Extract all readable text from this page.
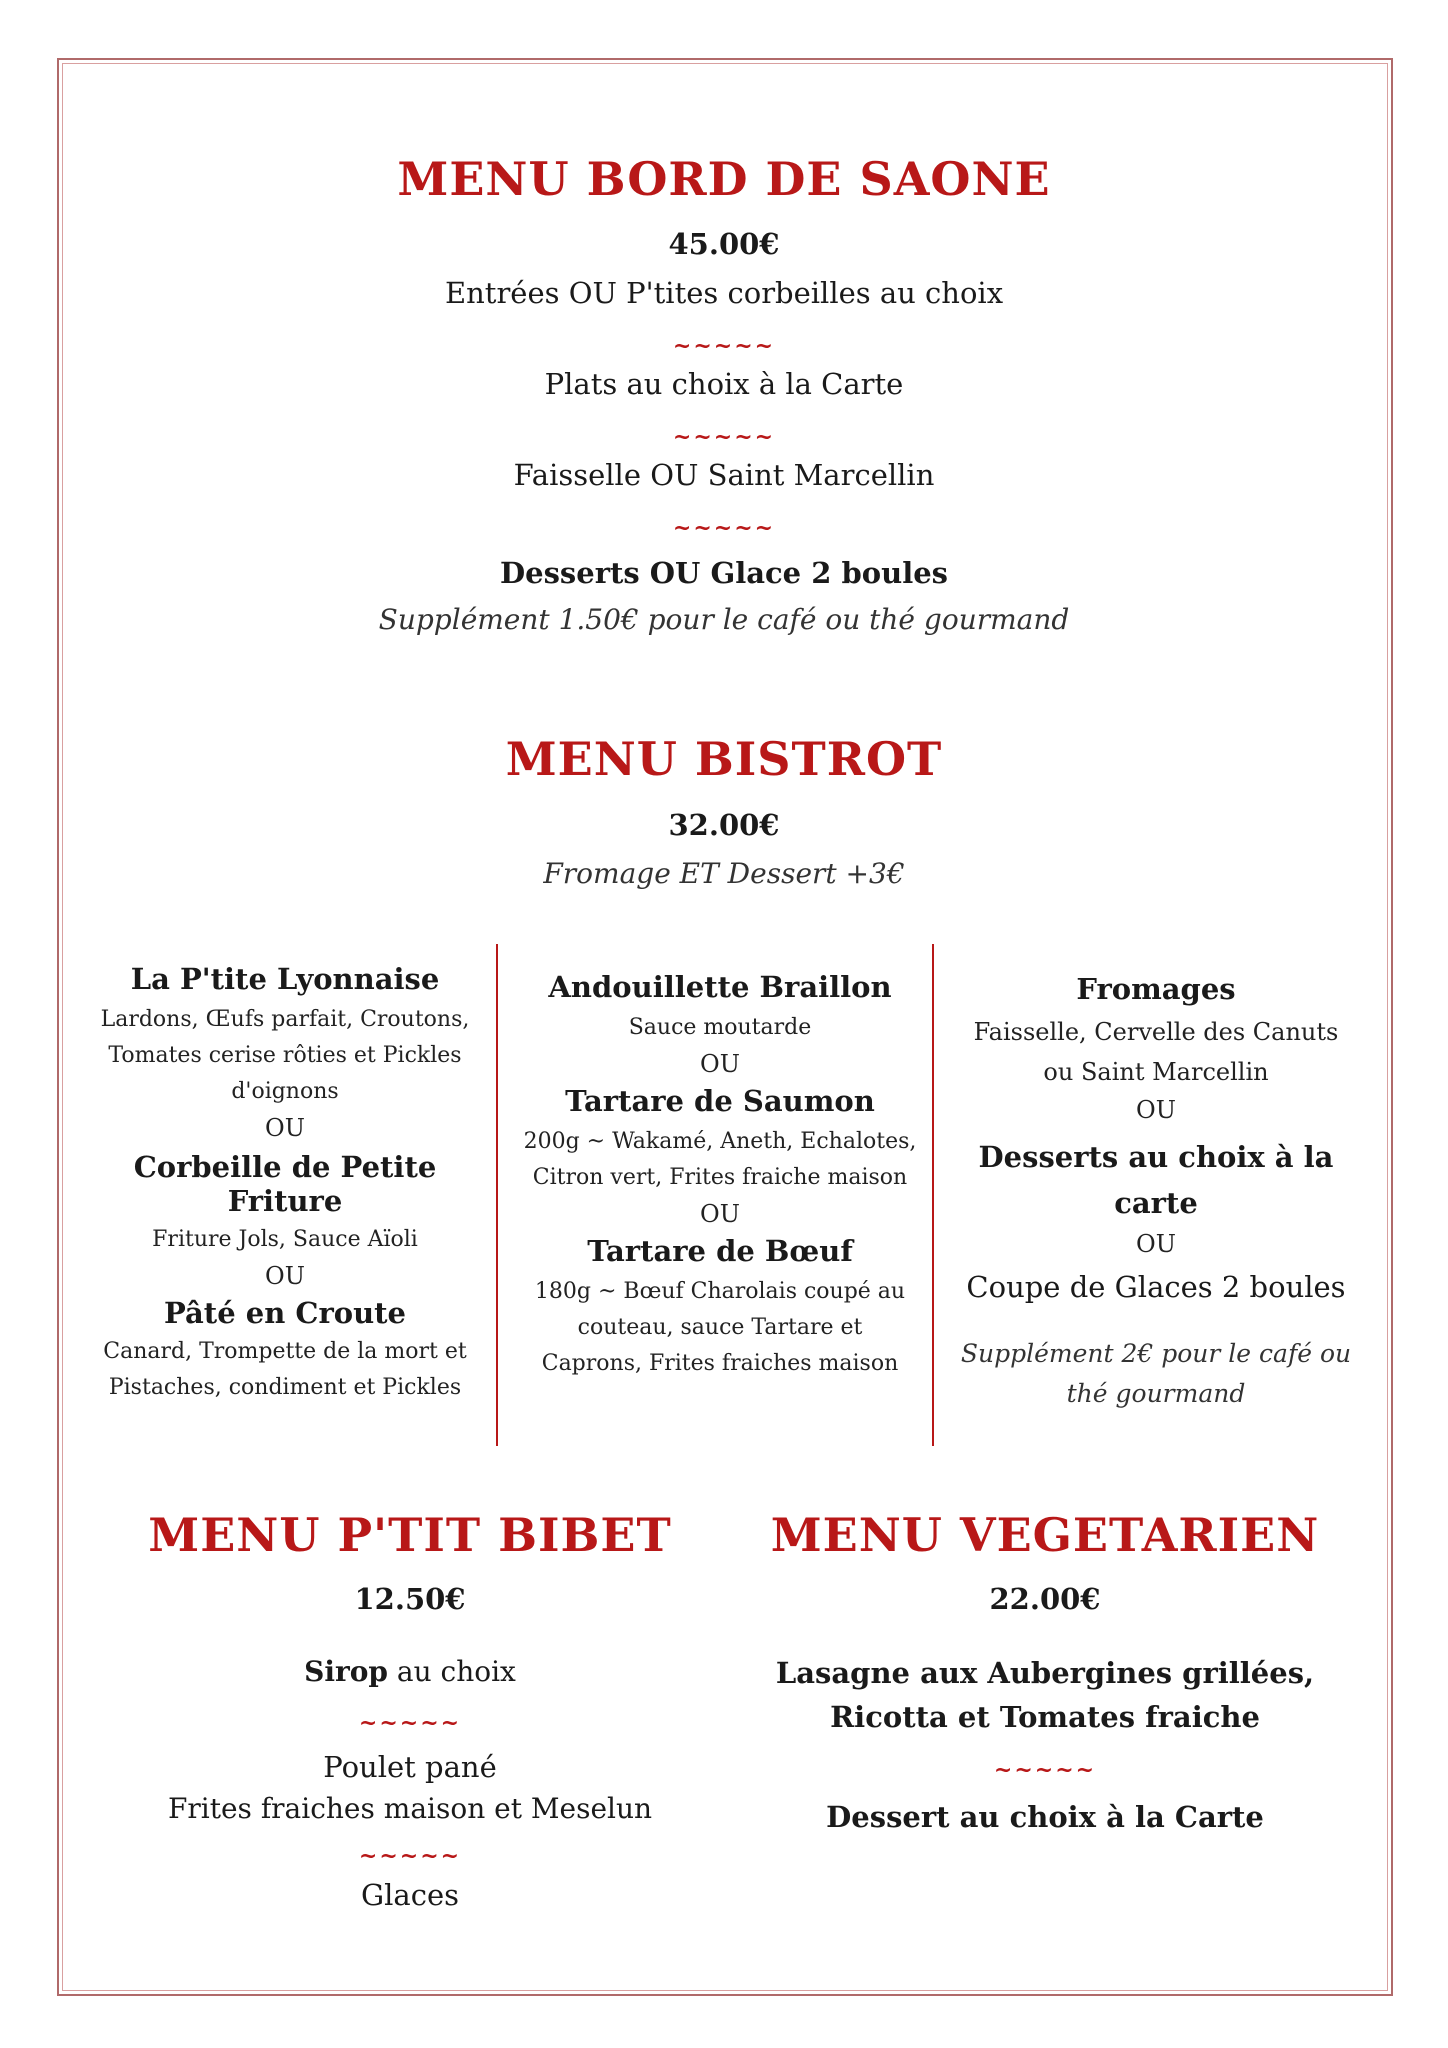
MENU BORD DE SAONE
45.00€
Entrées OU P'tites corbeilles au choix
~~~~~
Plats au choix à la Carte
~~~~~
Faisselle OU Saint Marcellin
~~~~~
Desserts OU Glace 2 boules
Supplément 1.50€ pour le café ou thé gourmand
MENU BISTROT
32.00€
Fromage ET Dessert +3€
La P'tite Lyonnaise
Lardons, Œufs parfait, Croutons,
Tomates cerise rôties et Pickles
d'oignons
OU
Corbeille de Petite Friture
Friture Jols, Sauce Aïoli
OU
Pâté en Croute
Canard, Trompette de la mort et
Pistaches, condiment et Pickles
Andouillette Braillon
Sauce moutarde
OU
Tartare de Saumon
200g ~ Wakamé, Aneth, Echalotes,
Citron vert, Frites fraiche maison
OU
Tartare de Bœuf
180g ~ Bœuf Charolais coupé au
couteau, sauce Tartare et
Caprons, Frites fraiches maison
Fromages
Faisselle, Cervelle des Canuts
ou Saint Marcellin
OU
Desserts au choix à la
carte
OU
Coupe de Glaces 2 boules
Supplément 2€ pour le café ou
thé gourmand
MENU P'TIT BIBET
12.50€
Sirop au choix
~~~~~
Poulet pané
Frites fraiches maison et Meselun
~~~~~
Glaces
MENU VEGETARIEN
22.00€
Lasagne aux Aubergines grillées,
Ricotta et Tomates fraiche
~~~~~
Dessert au choix à la Carte
